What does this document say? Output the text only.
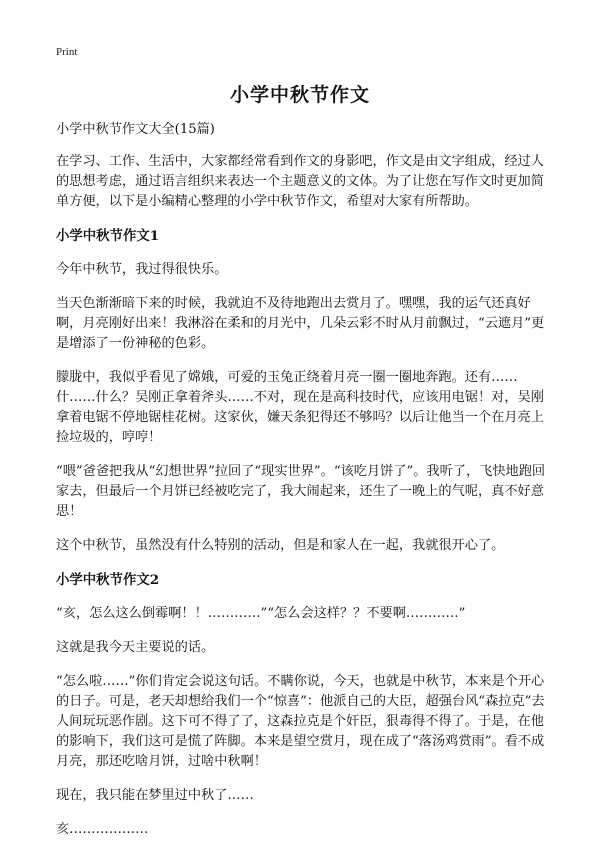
Print
小学中秋节作文

小学中秋节作文大全(15篇)

在学习、工作、生活中，大家都经常看到作文的身影吧，作文是由文字组成，经过人的思想考虑，通过语言组织来表达一个主题意义的文体。为了让您在写作文时更加简单方便，以下是小编精心整理的小学中秋节作文，希望对大家有所帮助。

小学中秋节作文1

今年中秋节，我过得很快乐。

当天色渐渐暗下来的时候，我就迫不及待地跑出去赏月了。嘿嘿，我的运气还真好啊，月亮刚好出来！我淋浴在柔和的月光中，几朵云彩不时从月前飘过，“云遮月”更是增添了一份神秘的色彩。

朦胧中，我似乎看见了嫦娥，可爱的玉兔正绕着月亮一圈一圈地奔跑。还有……什……什么？吴刚正拿着斧头……不对，现在是高科技时代，应该用电锯！对，吴刚拿着电锯不停地锯桂花树。这家伙，嫌天条犯得还不够吗？以后让他当一个在月亮上捡垃圾的，哼哼！

“喂”爸爸把我从“幻想世界”拉回了“现实世界”。“该吃月饼了”。我听了，飞快地跑回家去，但最后一个月饼已经被吃完了，我大闹起来，还生了一晚上的气呢，真不好意思！

这个中秋节，虽然没有什么特别的活动，但是和家人在一起，我就很开心了。

小学中秋节作文2

“亥，怎么这么倒霉啊！！…………”“怎么会这样？？不要啊…………”

这就是我今天主要说的话。

“怎么啦……”你们肯定会说这句话。不瞒你说，今天，也就是中秋节，本来是个开心的日子。可是，老天却想给我们一个“惊喜”：他派自己的大臣，超强台风“森拉克”去人间玩玩恶作剧。这下可不得了了，这森拉克是个奸臣，狠毒得不得了。于是，在他的影响下，我们这可是慌了阵脚。本来是望空赏月，现在成了“落汤鸡赏雨”。看不成月亮，那还吃啥月饼，过啥中秋啊！

现在，我只能在梦里过中秋了……

亥………………
